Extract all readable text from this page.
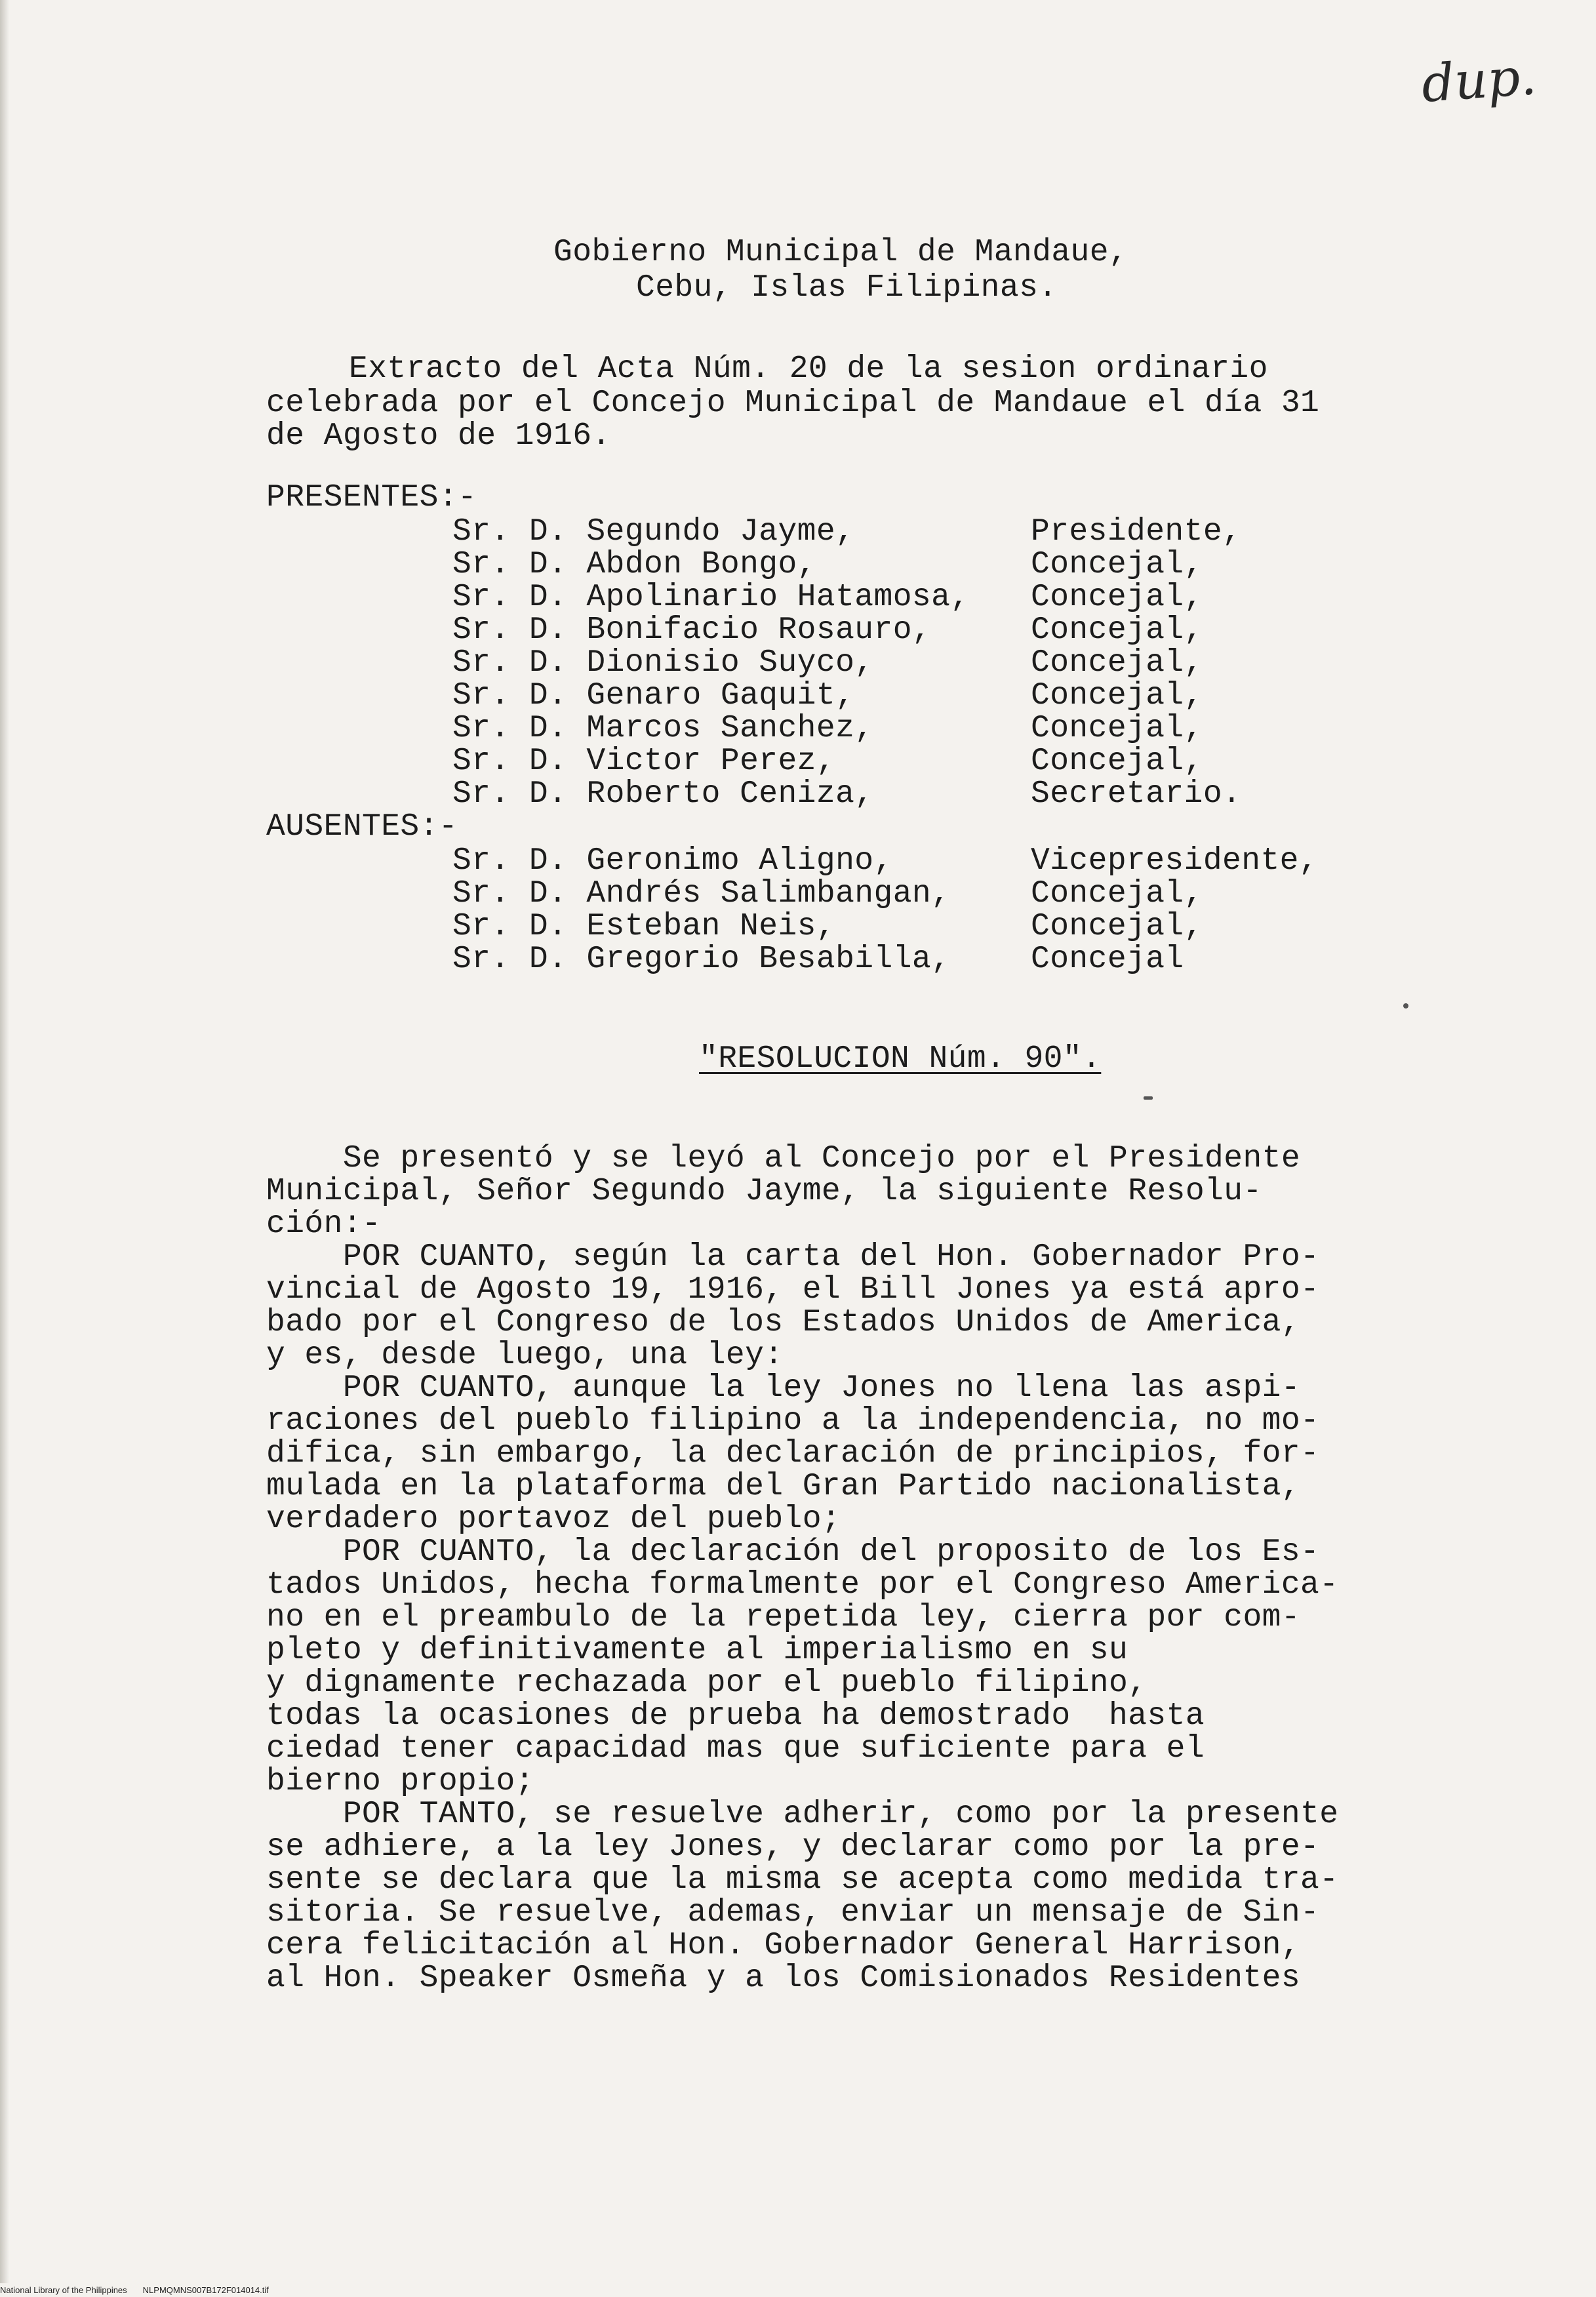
dup.
Gobierno Municipal de Mandaue,
Cebu, Islas Filipinas.
Extracto del Acta Núm. 20 de la sesion ordinario
celebrada por el Concejo Municipal de Mandaue el día 31
de Agosto de 1916.
PRESENTES:-
Sr. D. Segundo Jayme,	Presidente,
Sr. D. Abdon Bongo,	Concejal,
Sr. D. Apolinario Hatamosa, Concejal,
Sr. D. Bonifacio Rosauro,	Concejal,
Sr. D. Dionisio Suyco,	Concejal,
Sr. D. Genaro Gaquit,	Concejal,
Sr. D. Marcos Sanchez,	Concejal,
Sr. D. Victor Perez,	Concejal,
Sr. D. Roberto Ceniza,	Secretario.
AUSENTES:-
Sr. D. Geronimo Aligno,	Vicepresidente,
Sr. D. Andrés Salimbangan,	Concejal,
Sr. D. Esteban Neis,	Concejal,
Sr. D. Gregorio Besabilla,	Concejal
"RESOLUCION Núm. 90".
Se presentó y se leyó al Concejo por el Presidente
Municipal, Señor Segundo Jayme, la siguiente Resolu-
ción:-
POR CUANTO, según la carta del Hon. Gobernador Pro-
vincial de Agosto 19, 1916, el Bill Jones ya está apro-
bado por el Congreso de los Estados Unidos de America,
y es, desde luego, una ley:
POR CUANTO, aunque la ley Jones no llena las aspi-
raciones del pueblo filipino a la independencia, no mo-
difica, sin embargo, la declaración de principios, for-
mulada en la plataforma del Gran Partido nacionalista,
verdadero portavoz del pueblo;
POR CUANTO, la declaración del proposito de los Es-
tados Unidos, hecha formalmente por el Congreso America-
no en el preambulo de la repetida ley, cierra por com-
pleto y definitivamente al imperialismo en su
y dignamente rechazada por el pueblo filipino,
todas la ocasiones de prueba ha demostrado  hasta
ciedad tener capacidad mas que suficiente para el
bierno propio;
POR TANTO, se resuelve adherir, como por la presente
se adhiere, a la ley Jones, y declarar como por la pre-
sente se declara que la misma se acepta como medida tra-
sitoria. Se resuelve, ademas, enviar un mensaje de Sin-
cera felicitación al Hon. Gobernador General Harrison,
al Hon. Speaker Osmeña y a los Comisionados Residentes
National Library of the Philippines NLPMQMNS007B172F014014.tif
